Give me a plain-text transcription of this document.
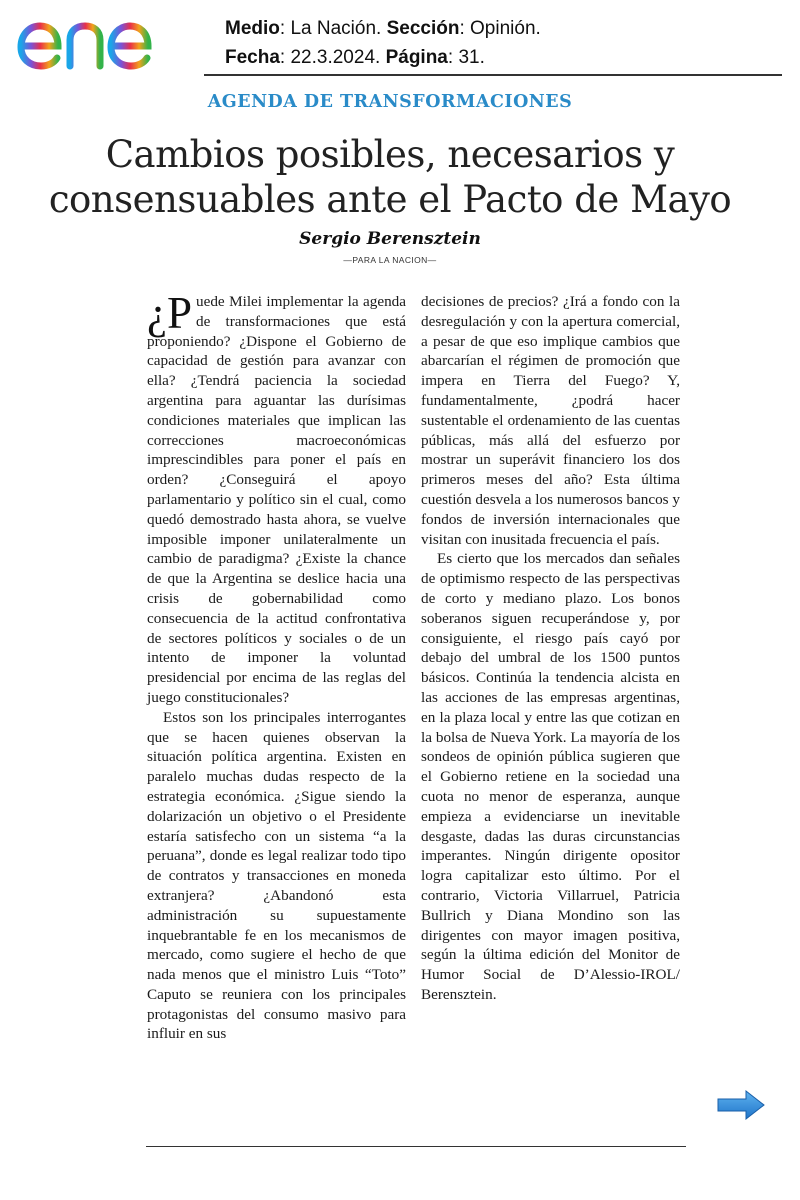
Medio: La Nación. Sección: Opinión.
Fecha: 22.3.2024. Página: 31.
AGENDA DE TRANSFORMACIONES
Cambios posibles, necesarios y
consensuables ante el Pacto de Mayo
Sergio Berensztein
—PARA LA NACION—

¿P uede Milei implementar la agenda de transformaciones que está proponiendo? ¿Dispone el Gobierno de capacidad de gestión para avanzar con ella? ¿Tendrá paciencia la sociedad argentina para aguantar las durísimas condiciones materiales que implican las correcciones macroeconómicas imprescindibles para poner el país en orden? ¿Conseguirá el apoyo parlamentario y político sin el cual, como quedó demostrado hasta ahora, se vuelve imposible imponer unilateralmente un cambio de paradigma? ¿Existe la chance de que la Argentina se deslice hacia una crisis de gobernabilidad como consecuencia de la actitud confrontativa de sectores políticos y sociales o de un intento de imponer la voluntad presidencial por encima de las reglas del juego constitucionales?

Estos son los principales interrogantes que se hacen quienes observan la situación política argentina. Existen en paralelo muchas dudas respecto de la estrategia económica. ¿Sigue siendo la dolarización un objetivo o el Presidente estaría satisfecho con un sistema “a la peruana”, donde es legal realizar todo tipo de contratos y transacciones en moneda extranjera? ¿Abandonó esta administración su supuestamente inquebrantable fe en los mecanismos de mercado, como sugiere el hecho de que nada menos que el ministro Luis “Toto” Caputo se reuniera con los principales protagonistas del consumo masivo para influir en sus

decisiones de precios? ¿Irá a fondo con la desregulación y con la apertura comercial, a pesar de que eso implique cambios que abarcarían el régimen de promoción que impera en Tierra del Fuego? Y, fundamentalmente, ¿podrá hacer sustentable el ordenamiento de las cuentas públicas, más allá del esfuerzo por mostrar un superávit financiero los dos primeros meses del año? Esta última cuestión desvela a los numerosos bancos y fondos de inversión internacionales que visitan con inusitada frecuencia el país.

Es cierto que los mercados dan señales de optimismo respecto de las perspectivas de corto y mediano plazo. Los bonos soberanos siguen recuperándose y, por consiguiente, el riesgo país cayó por debajo del umbral de los 1500 puntos básicos. Continúa la tendencia alcista en las acciones de las empresas argentinas, en la plaza local y entre las que cotizan en la bolsa de Nueva York. La mayoría de los sondeos de opinión pública sugieren que el Gobierno retiene en la sociedad una cuota no menor de esperanza, aunque empieza a evidenciarse un inevitable desgaste, dadas las duras circunstancias imperantes. Ningún dirigente opositor logra capitalizar esto último. Por el contrario, Victoria Villarruel, Patricia Bullrich y Diana Mondino son las dirigentes con mayor imagen positiva, según la última edición del Monitor de Humor Social de D’Alessio-IROL/ Berensztein.
